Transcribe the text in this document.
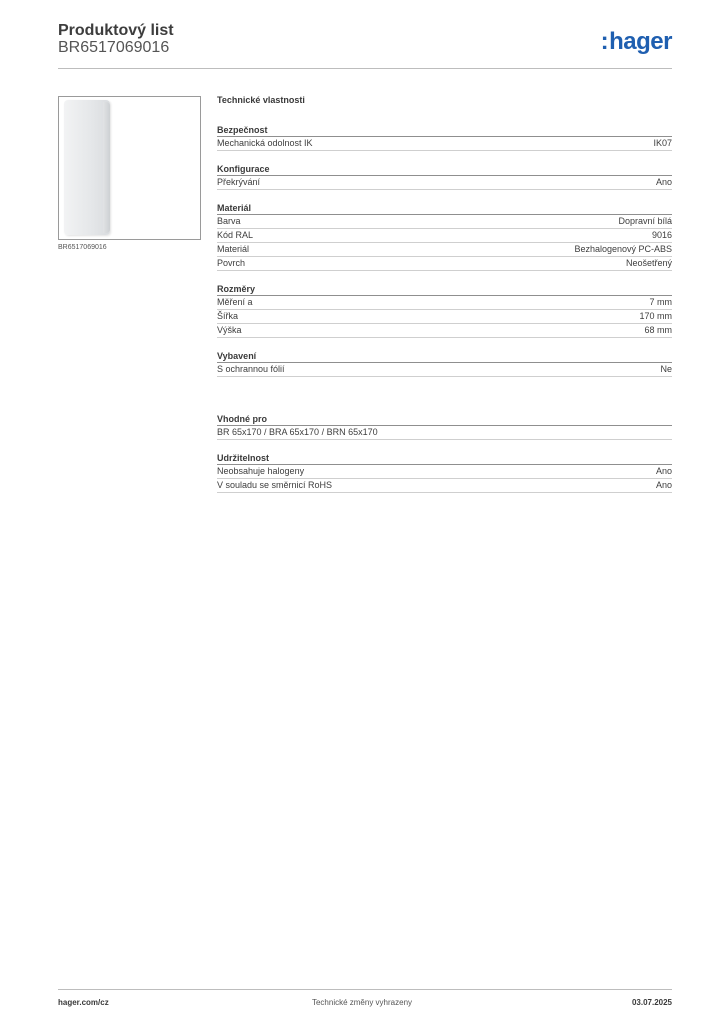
Produktový list
BR6517069016	:hager
BR6517069016
Technické vlastnosti
Bezpečnost
Mechanická odolnost IK	IK07
Konfigurace
Překrývání	Ano
Materiál
Barva	Dopravní bílá
Kód RAL	9016
Materiál	Bezhalogenový PC-ABS
Povrch	Neošetřený
Rozměry
Měření a	7 mm
Šířka	170 mm
Výška	68 mm
Vybavení
S ochrannou fólií	Ne
Vhodné pro
BR 65x170 / BRA 65x170 / BRN 65x170
Udržitelnost
Neobsahuje halogeny	Ano
V souladu se směrnicí RoHS	Ano
hager.com/cz	Technické změny vyhrazeny	03.07.2025
